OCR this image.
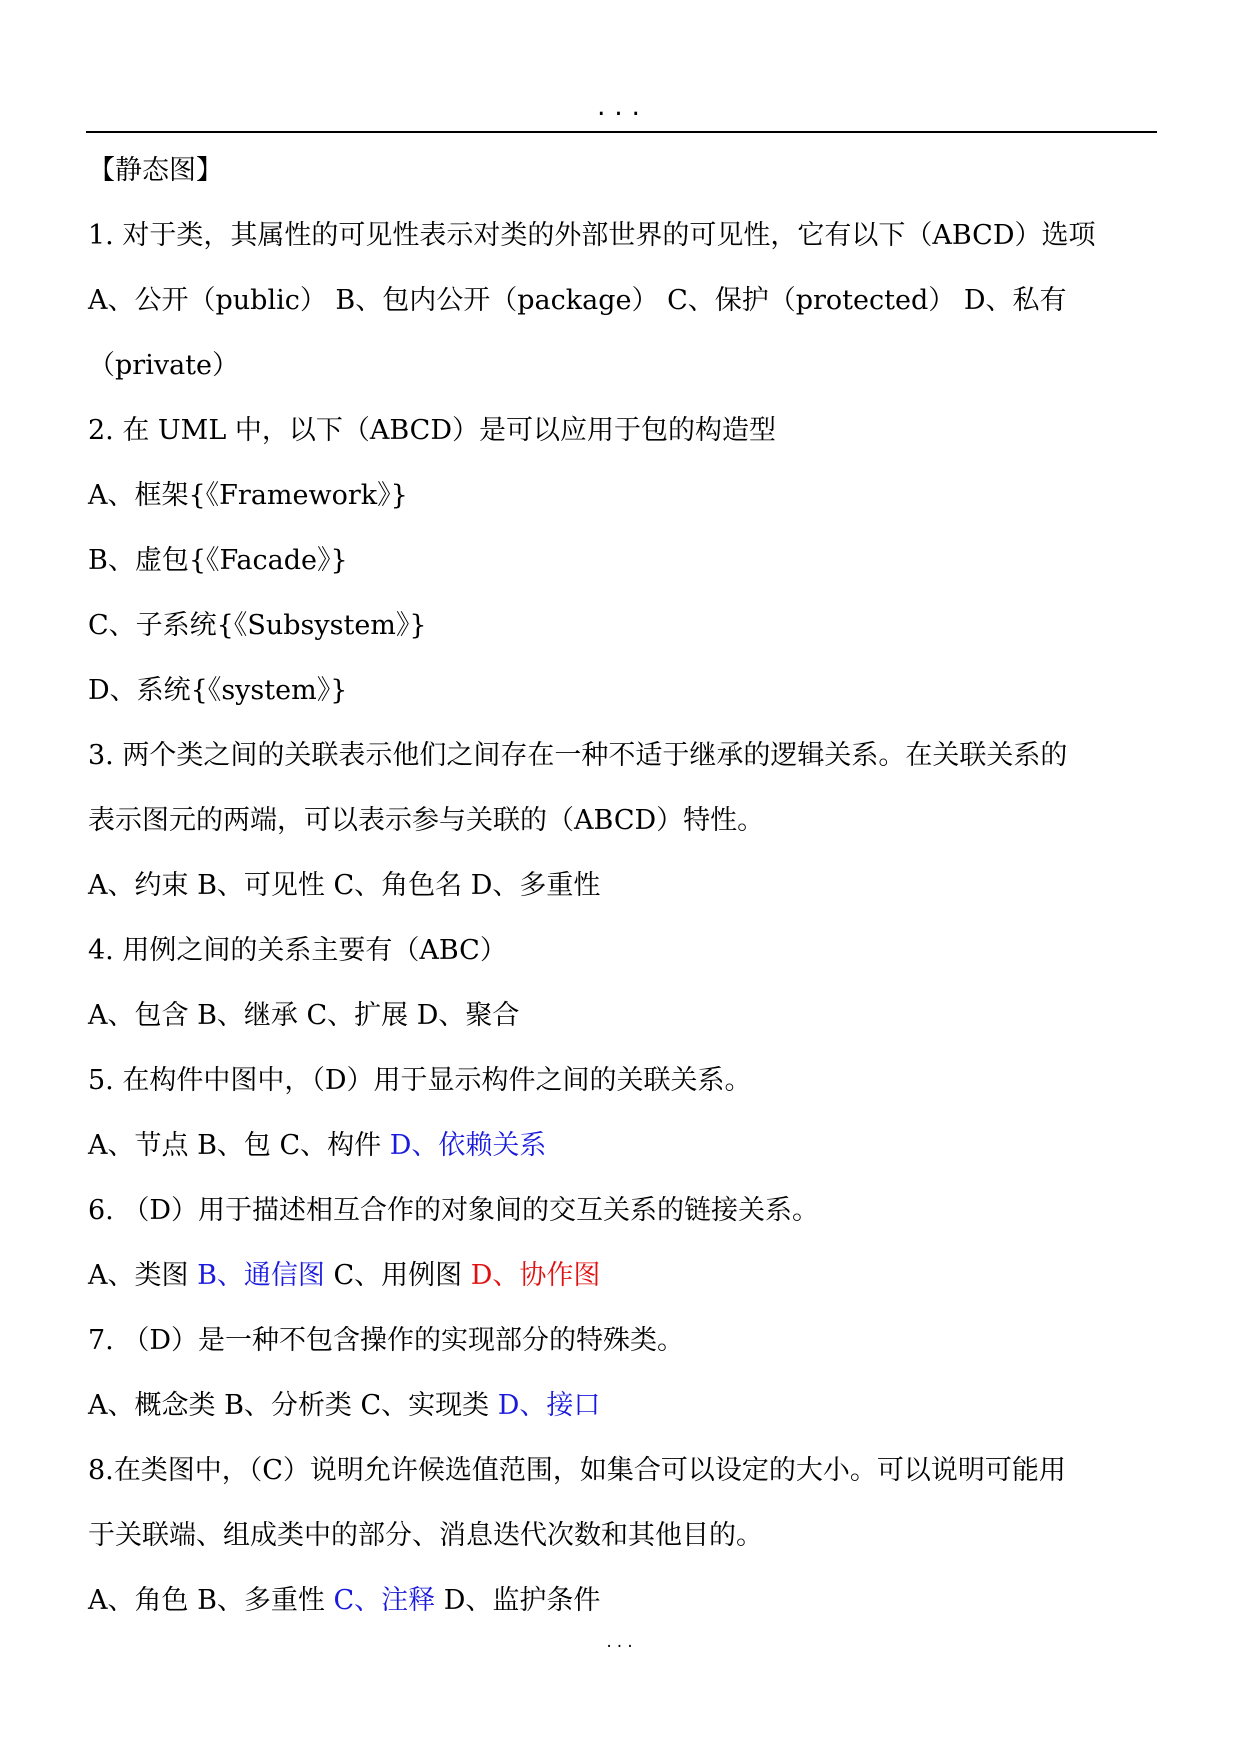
...
【静态图】
1. 对于类，其属性的可见性表示对类的外部世界的可见性，它有以下（ABCD）选项
A、公开（public） B、包内公开（package） C、保护（protected） D、私有
（private）
2. 在 UML 中，以下（ABCD）是可以应用于包的构造型
A、框架{《Framework》}
B、虚包{《Facade》}
C、子系统{《Subsystem》}
D、系统{《system》}
3. 两个类之间的关联表示他们之间存在一种不适于继承的逻辑关系。在关联关系的
表示图元的两端，可以表示参与关联的（ABCD）特性。
A、约束 B、可见性 C、角色名 D、多重性
4. 用例之间的关系主要有（ABC）
A、包含 B、继承 C、扩展 D、聚合
5. 在构件中图中，（D）用于显示构件之间的关联关系。
A、节点 B、包 C、构件 D、依赖关系
6. （D）用于描述相互合作的对象间的交互关系的链接关系。
A、类图 B、通信图 C、用例图 D、协作图
7. （D）是一种不包含操作的实现部分的特殊类。
A、概念类 B、分析类 C、实现类 D、接口
8.在类图中，（C）说明允许候选值范围，如集合可以设定的大小。可以说明可能用
于关联端、组成类中的部分、消息迭代次数和其他目的。
A、角色 B、多重性 C、注释 D、监护条件
...
